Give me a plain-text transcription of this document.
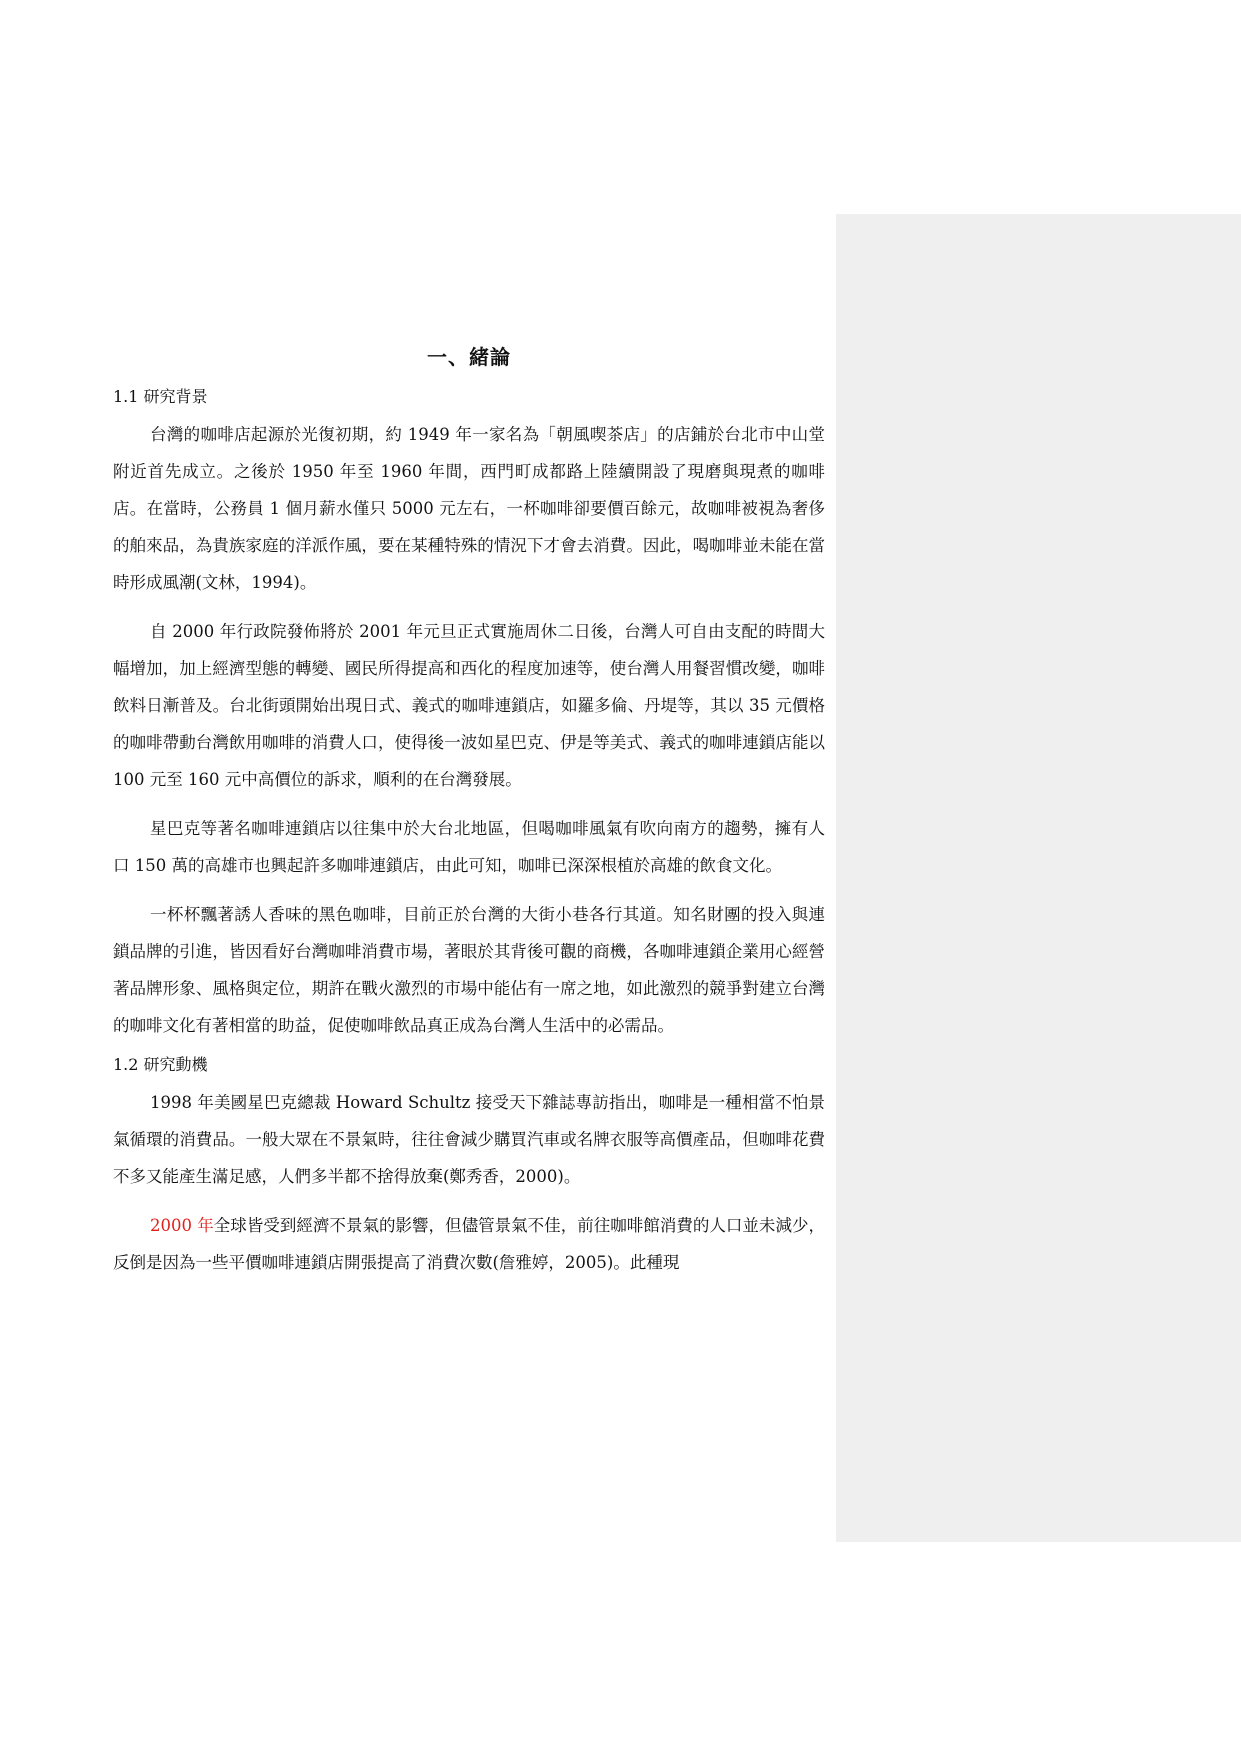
一、緒論

1.1 研究背景

台灣的咖啡店起源於光復初期，約 1949 年一家名為「朝風喫茶店」的店鋪於台北市中山堂附近首先成立。之後於 1950 年至 1960 年間，西門町成都路上陸續開設了現磨與現煮的咖啡店。在當時，公務員 1 個月薪水僅只 5000 元左右，一杯咖啡卻要價百餘元，故咖啡被視為奢侈的舶來品，為貴族家庭的洋派作風，要在某種特殊的情況下才會去消費。因此，喝咖啡並未能在當時形成風潮(文林，1994)。

自 2000 年行政院發佈將於 2001 年元旦正式實施周休二日後，台灣人可自由支配的時間大幅增加，加上經濟型態的轉變、國民所得提高和西化的程度加速等，使台灣人用餐習慣改變，咖啡飲料日漸普及。台北街頭開始出現日式、義式的咖啡連鎖店，如羅多倫、丹堤等，其以 35 元價格的咖啡帶動台灣飲用咖啡的消費人口，使得後一波如星巴克、伊是等美式、義式的咖啡連鎖店能以 100 元至 160 元中高價位的訴求，順利的在台灣發展。

星巴克等著名咖啡連鎖店以往集中於大台北地區，但喝咖啡風氣有吹向南方的趨勢，擁有人口 150 萬的高雄市也興起許多咖啡連鎖店，由此可知，咖啡已深深根植於高雄的飲食文化。

一杯杯飄著誘人香味的黑色咖啡，目前正於台灣的大街小巷各行其道。知名財團的投入與連鎖品牌的引進，皆因看好台灣咖啡消費市場，著眼於其背後可觀的商機，各咖啡連鎖企業用心經營著品牌形象、風格與定位，期許在戰火激烈的市場中能佔有一席之地，如此激烈的競爭對建立台灣的咖啡文化有著相當的助益，促使咖啡飲品真正成為台灣人生活中的必需品。

1.2 研究動機

1998 年美國星巴克總裁 Howard Schultz 接受天下雜誌專訪指出，咖啡是一種相當不怕景氣循環的消費品。一般大眾在不景氣時，往往會減少購買汽車或名牌衣服等高價產品，但咖啡花費不多又能產生滿足感，人們多半都不捨得放棄(鄭秀香，2000)。

2000 年全球皆受到經濟不景氣的影響，但儘管景氣不佳，前往咖啡館消費的人口並未減少，反倒是因為一些平價咖啡連鎖店開張提高了消費次數(詹雅婷，2005)。此種現
